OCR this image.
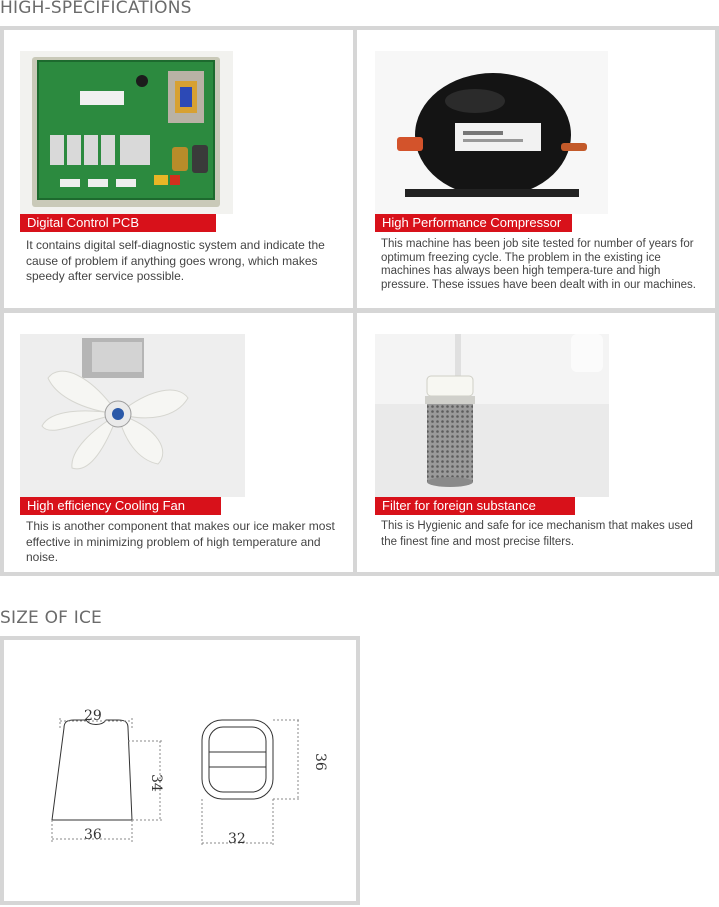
HIGH-SPECIFICATIONS
Digital Control PCB

It contains digital self-diagnostic system and indicate the cause of problem if anything goes wrong, which makes speedy after service possible.

High Performance Compressor

This machine has been job site tested for number of years for optimum freezing cycle. The problem in the existing ice machines has always been high tempera-ture and high pressure. These issues have been dealt with in our machines.

High efficiency Cooling Fan

This is another component that makes our ice maker most effective in minimizing problem of high temperature and noise.

Filter for foreign substance

This is Hygienic and safe for ice mechanism that makes used the finest fine and most precise filters.

SIZE OF ICE
29
34
36
36
32
